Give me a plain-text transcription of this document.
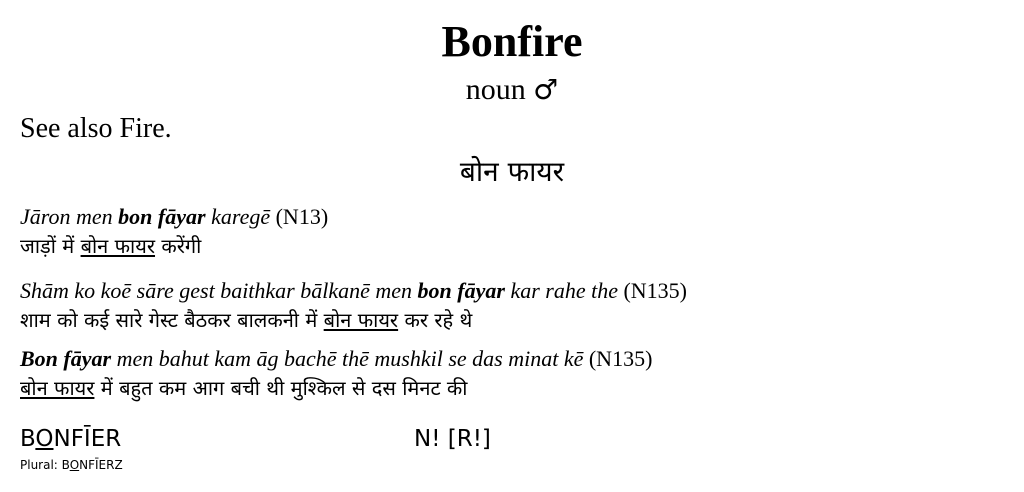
Bonfire
noun ♂
See also Fire.
बोन फायर
Jāron men bon fāyar karegē (N13)
जाड़ों में बोन फायर करेंगी
Shām ko koē sāre gest baithkar bālkanē men bon fāyar kar rahe the (N135)
शाम को कई सारे गेस्ट बैठकर बालकनी में बोन फायर कर रहे थे
Bon fāyar men bahut kam āg bachē thē mushkil se das minat kē (N135)
बोन फायर में बहुत कम आग बची थी मुश्किल से दस मिनट की
BONFĪER	N! [R!]
Plural: BONFĪERZ
